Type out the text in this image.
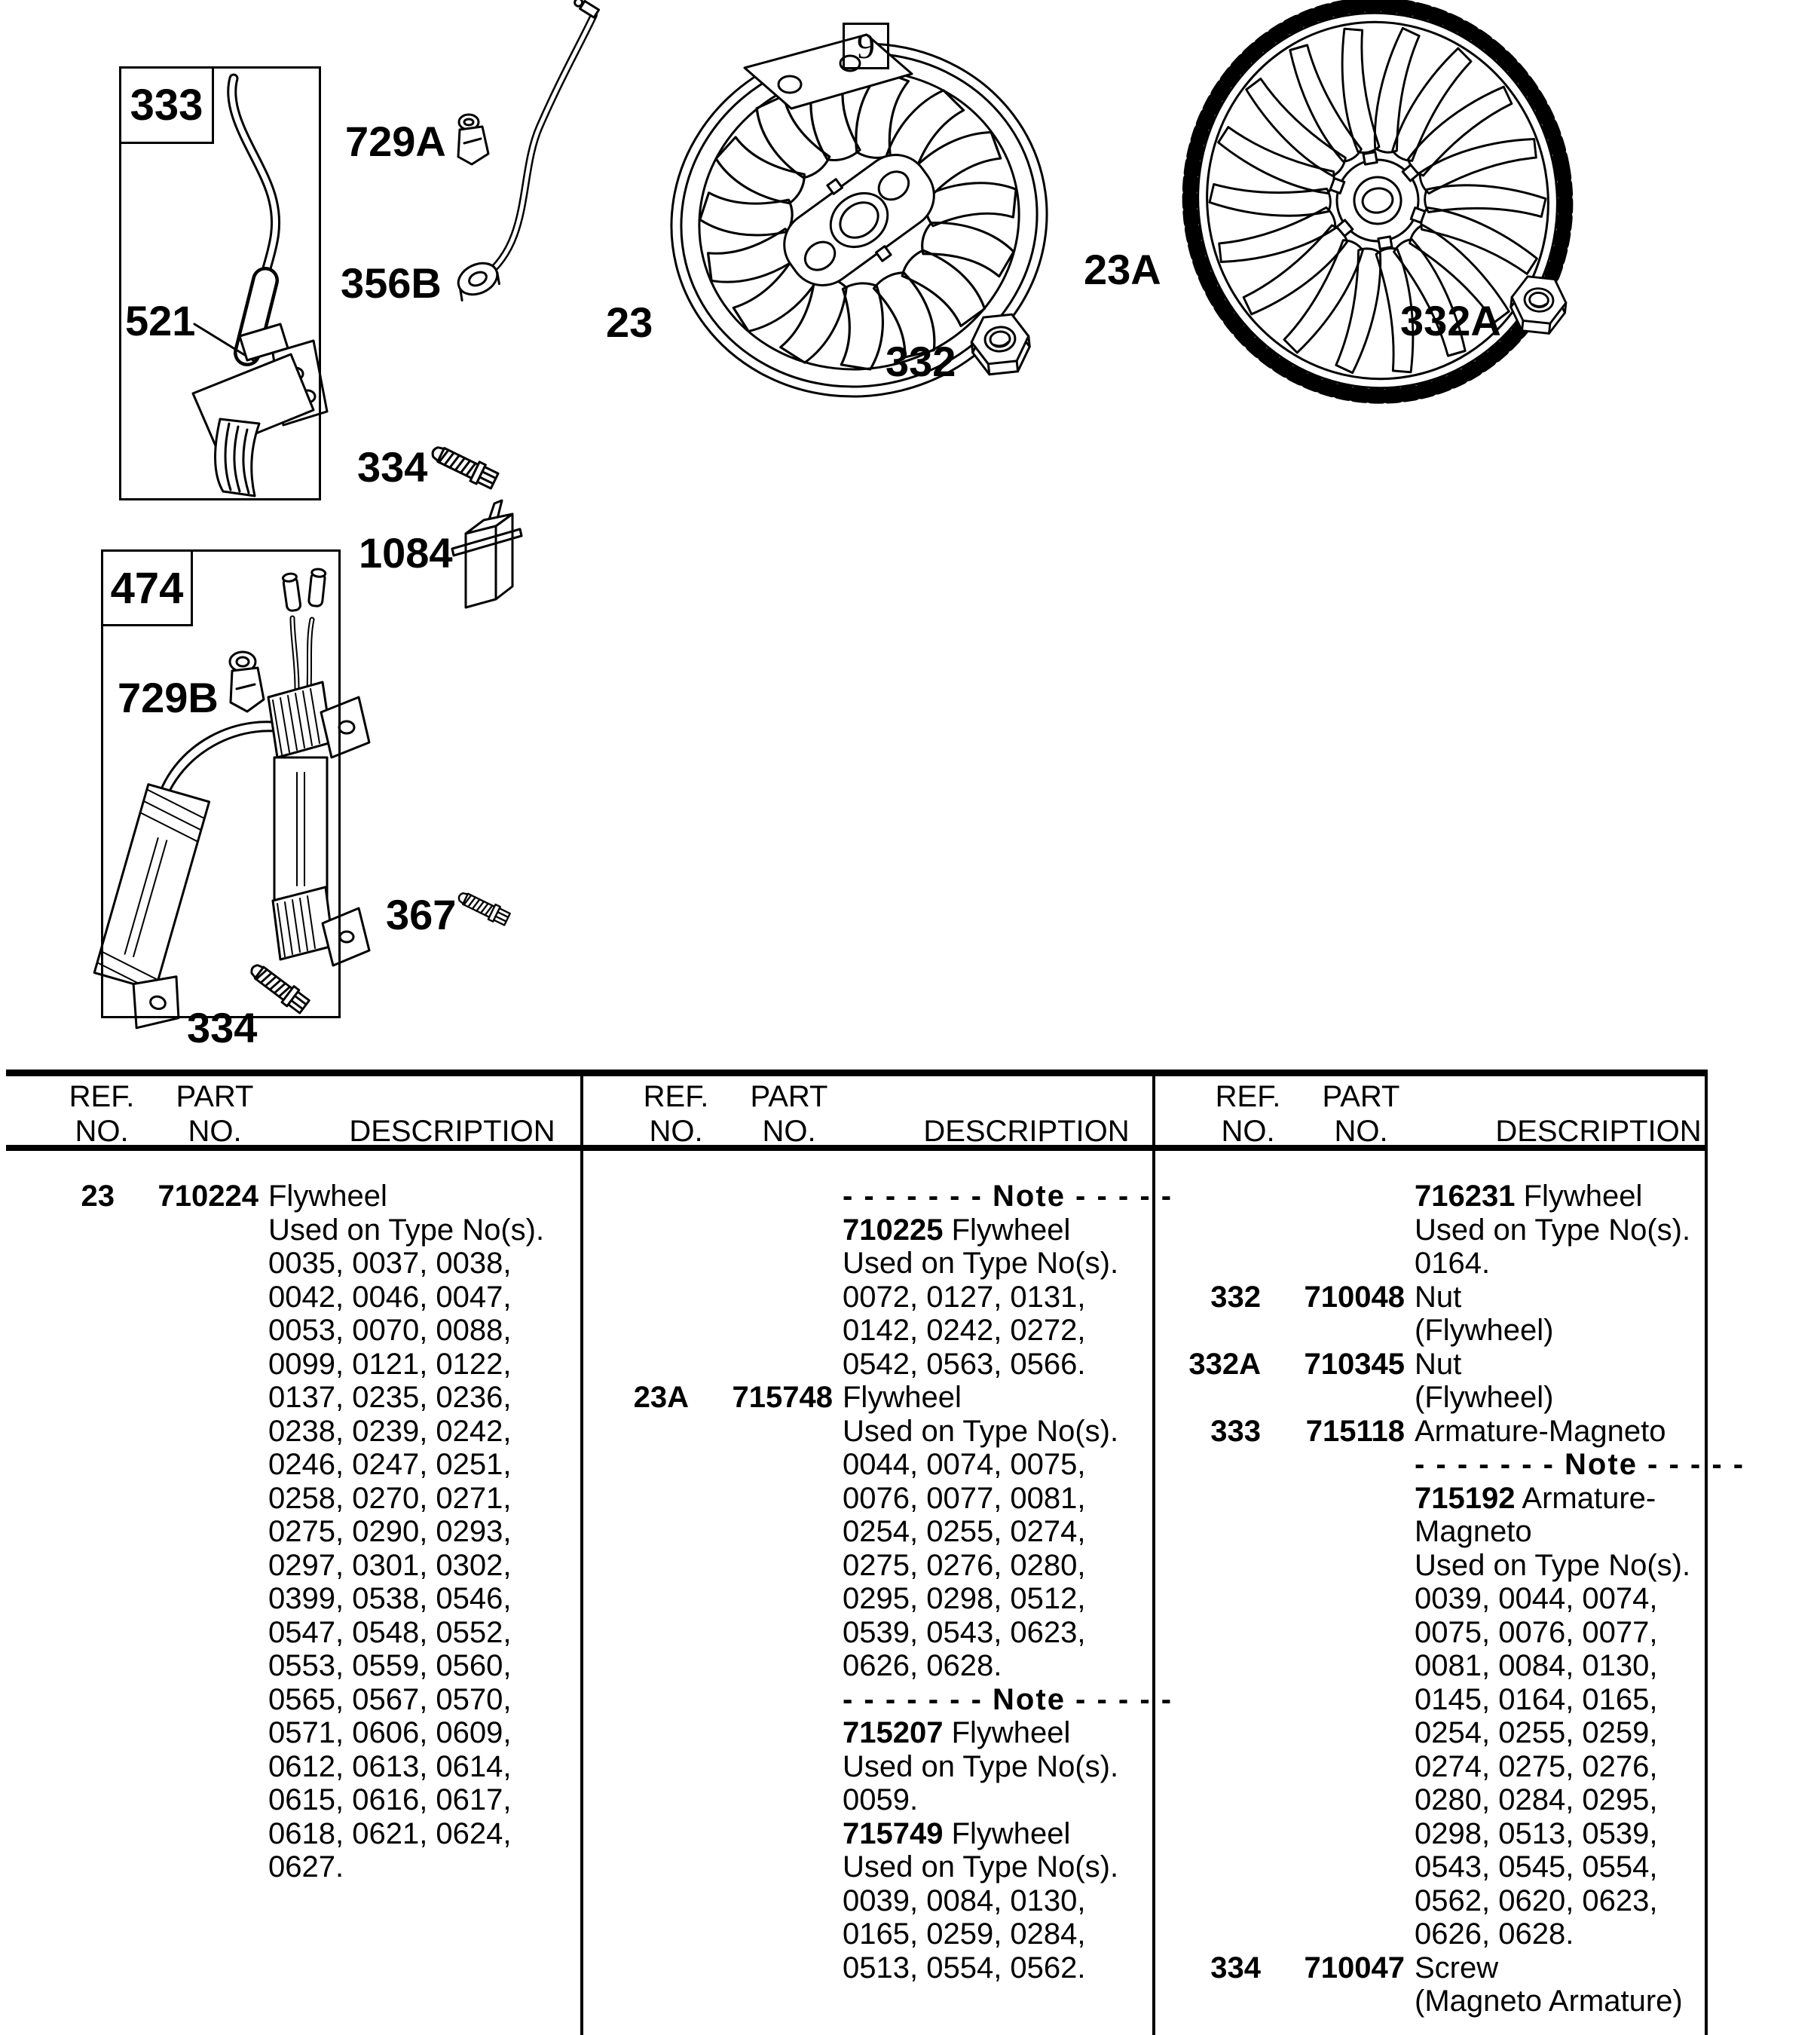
333
474
521
729A
356B
23
9
332
23A
332A
334
1084
729B
367
334
REF.
NO.
PART
NO.	DESCRIPTION
REF.
NO.
PART
NO.	DESCRIPTION
REF.
NO.
PART
NO.	DESCRIPTION
23	710224 Flywheel
Used on Type No(s).
0035, 0037, 0038,
0042, 0046, 0047,
0053, 0070, 0088,
0099, 0121, 0122,
0137, 0235, 0236,
0238, 0239, 0242,
0246, 0247, 0251,
0258, 0270, 0271,
0275, 0290, 0293,
0297, 0301, 0302,
0399, 0538, 0546,
0547, 0548, 0552,
0553, 0559, 0560,
0565, 0567, 0570,
0571, 0606, 0609,
0612, 0613, 0614,
0615, 0616, 0617,
0618, 0621, 0624,
0627.
- - - - - - - Note - - - - -
710225 Flywheel
Used on Type No(s).
0072, 0127, 0131,
0142, 0242, 0272,
0542, 0563, 0566.
23A	715748 Flywheel
Used on Type No(s).
0044, 0074, 0075,
0076, 0077, 0081,
0254, 0255, 0274,
0275, 0276, 0280,
0295, 0298, 0512,
0539, 0543, 0623,
0626, 0628.
- - - - - - - Note - - - - -
715207 Flywheel
Used on Type No(s).
0059.
715749 Flywheel
Used on Type No(s).
0039, 0084, 0130,
0165, 0259, 0284,
0513, 0554, 0562.
716231 Flywheel
Used on Type No(s).
0164.
332	710048 Nut
(Flywheel)
332A	710345 Nut
(Flywheel)
333	715118 Armature-Magneto
- - - - - - - Note - - - - -
715192 Armature-
Magneto
Used on Type No(s).
0039, 0044, 0074,
0075, 0076, 0077,
0081, 0084, 0130,
0145, 0164, 0165,
0254, 0255, 0259,
0274, 0275, 0276,
0280, 0284, 0295,
0298, 0513, 0539,
0543, 0545, 0554,
0562, 0620, 0623,
0626, 0628.
334	710047 Screw
(Magneto Armature)
